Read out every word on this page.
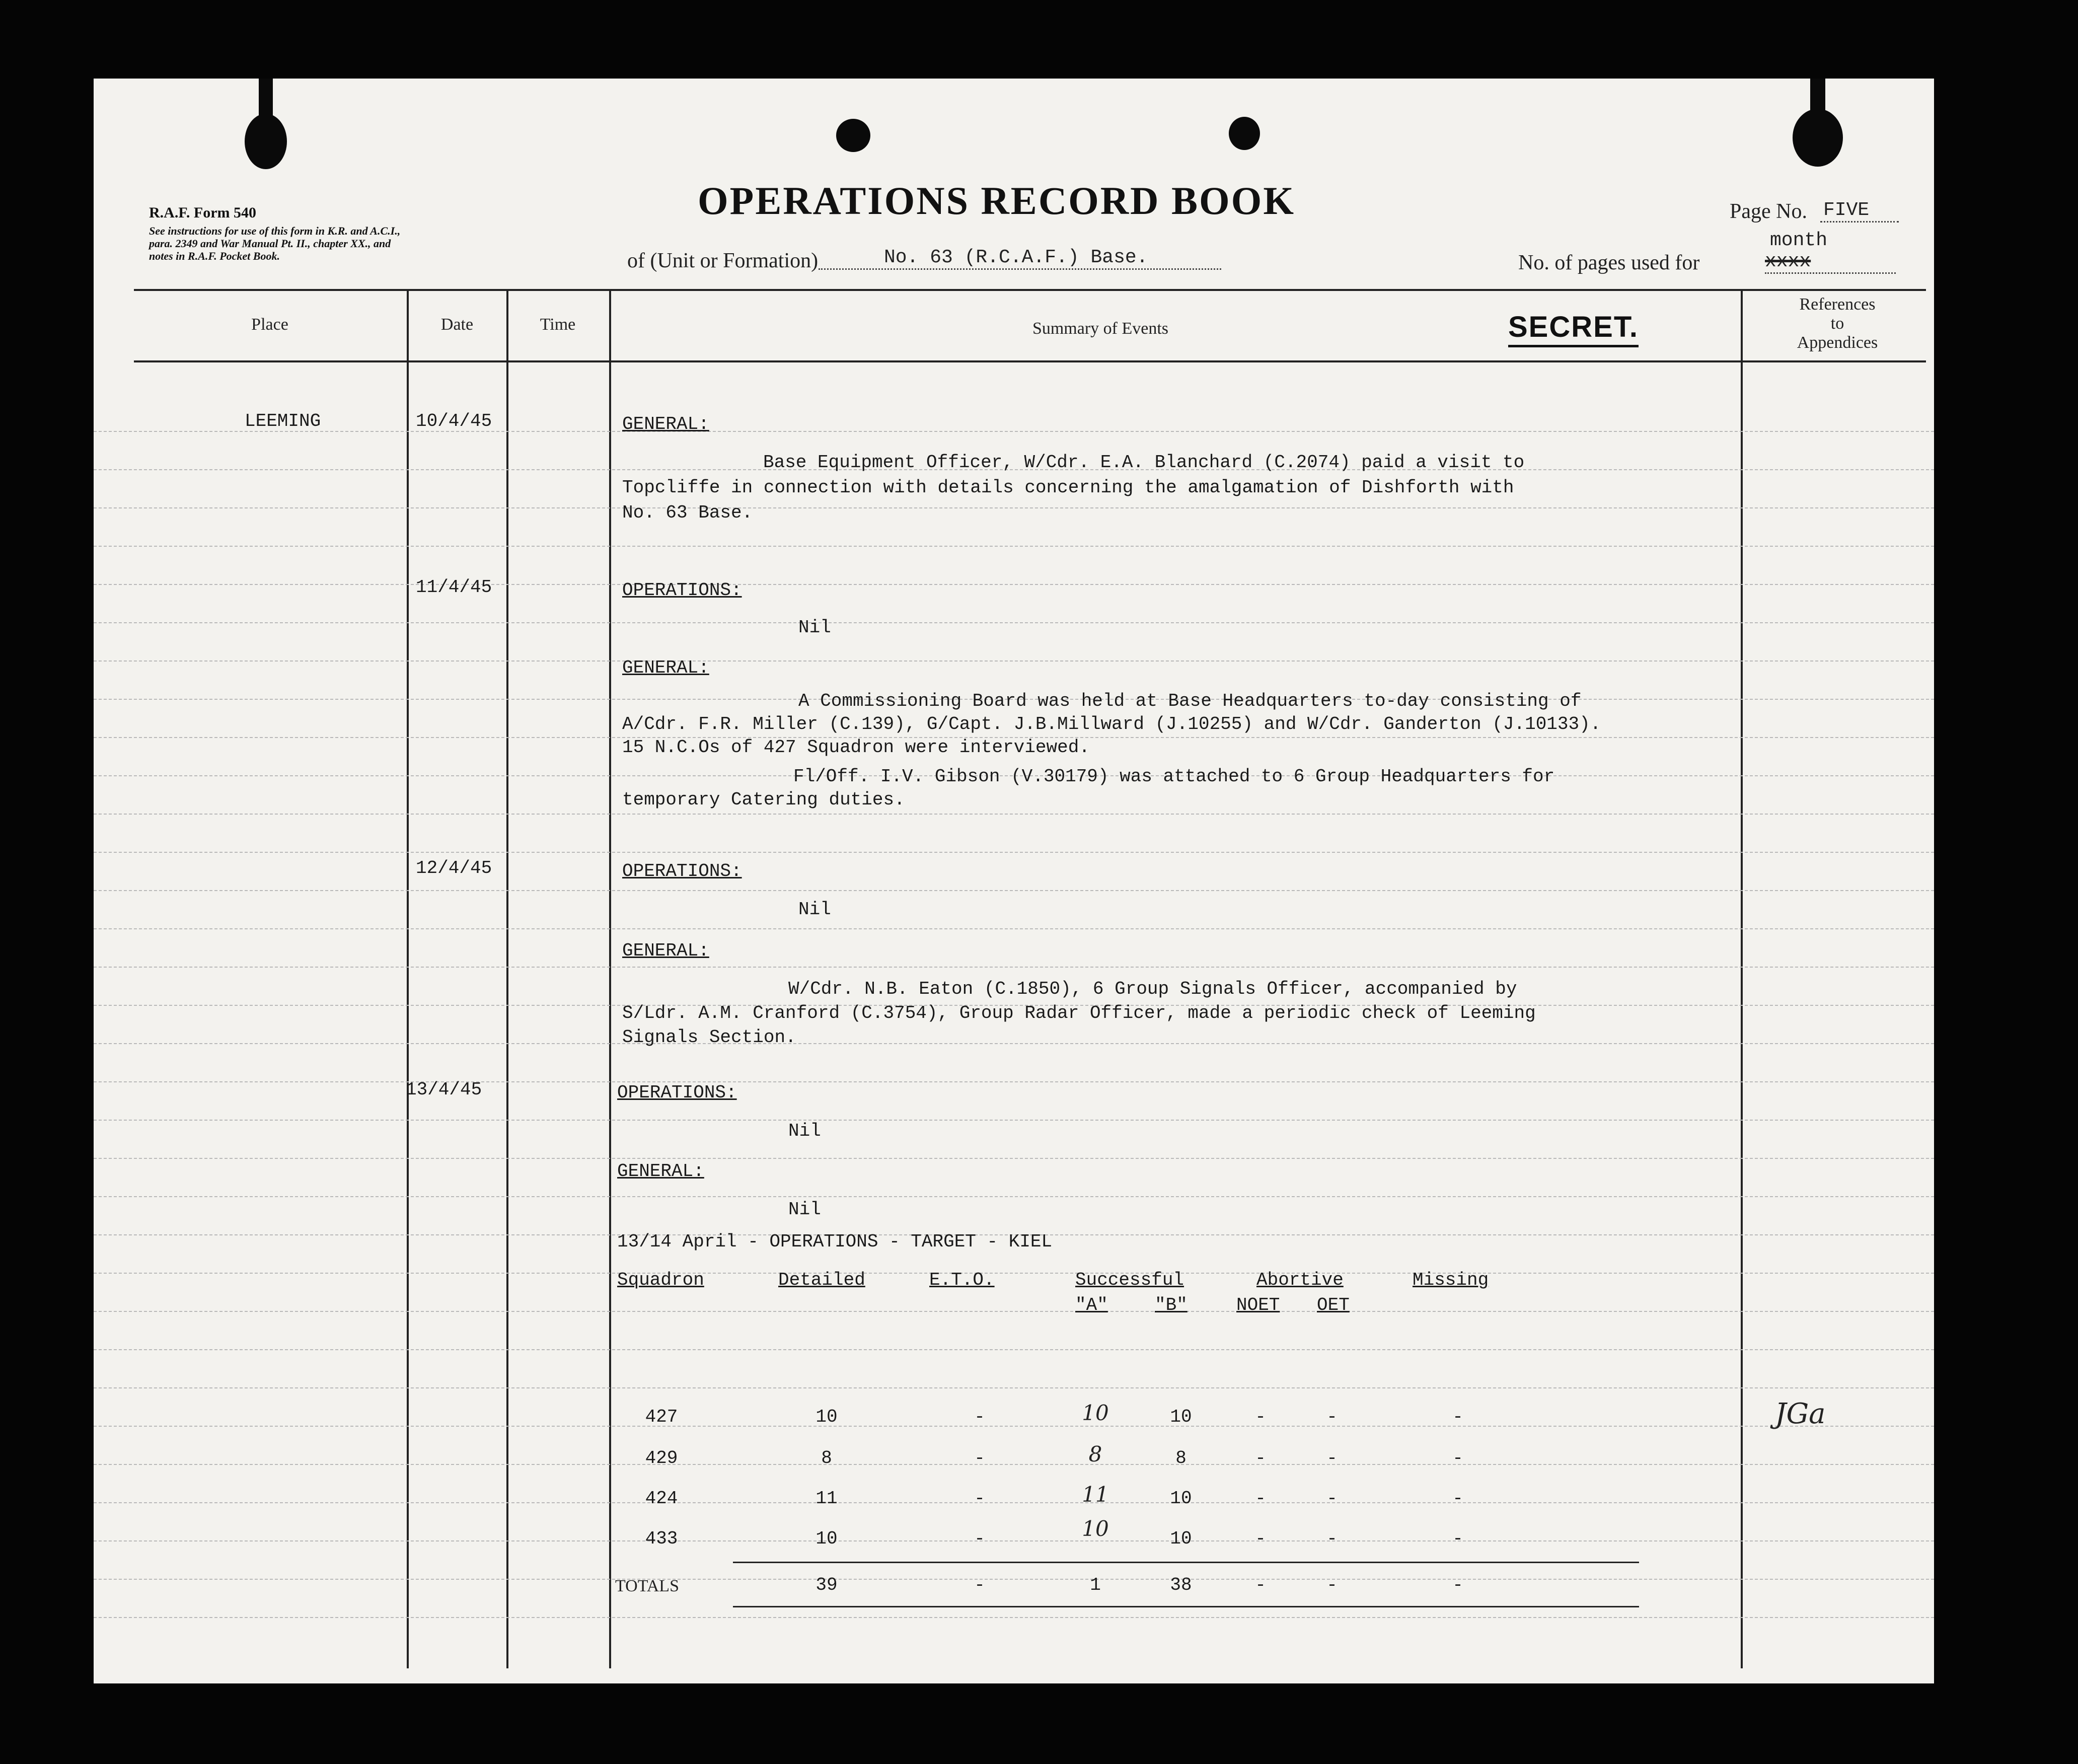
R.A.F. Form 540
See instructions for use of this form in K.R. and A.C.I.,
para. 2349 and War Manual Pt. II., chapter XX., and
notes in R.A.F. Pocket Book.
OPERATIONS RECORD BOOK	Page No. FIVE
of (Unit or Formation)	No. 63 (R.C.A.F.) Base.	No. of pages used for
month
xxxx
SECRET.
Place	Date	Time	Summary of Events
References
to
Appendices
LEEMING	10/4/45	GENERAL:
Base Equipment Officer, W/Cdr. E.A. Blanchard (C.2074) paid a visit to
Topcliffe in connection with details concerning the amalgamation of Dishforth with
No. 63 Base.
11/4/45	OPERATIONS:
Nil
GENERAL:
A Commissioning Board was held at Base Headquarters to-day consisting of
A/Cdr. F.R. Miller (C.139), G/Capt. J.B.Millward (J.10255) and W/Cdr. Ganderton (J.10133).
15 N.C.Os of 427 Squadron were interviewed.
Fl/Off. I.V. Gibson (V.30179) was attached to 6 Group Headquarters for
temporary Catering duties.
12/4/45	OPERATIONS:
Nil
GENERAL:
W/Cdr. N.B. Eaton (C.1850), 6 Group Signals Officer, accompanied by
S/Ldr. A.M. Cranford (C.3754), Group Radar Officer, made a periodic check of Leeming
Signals Section.
13/4/45	OPERATIONS:
Nil
GENERAL:
Nil
13/14 April - OPERATIONS - TARGET - KIEL
Squadron	Detailed	E.T.O.	Successful	Abortive	Missing
"A"	"B"	NOET OET
427	10	-	10	10	-	-	-
429	8	-	8	8	-	-	-
424	11	-	11	10	-	-	-
433	10	-	10	10	-	-	-
TOTALS	39	-	1	38	-	-	-
JGa
